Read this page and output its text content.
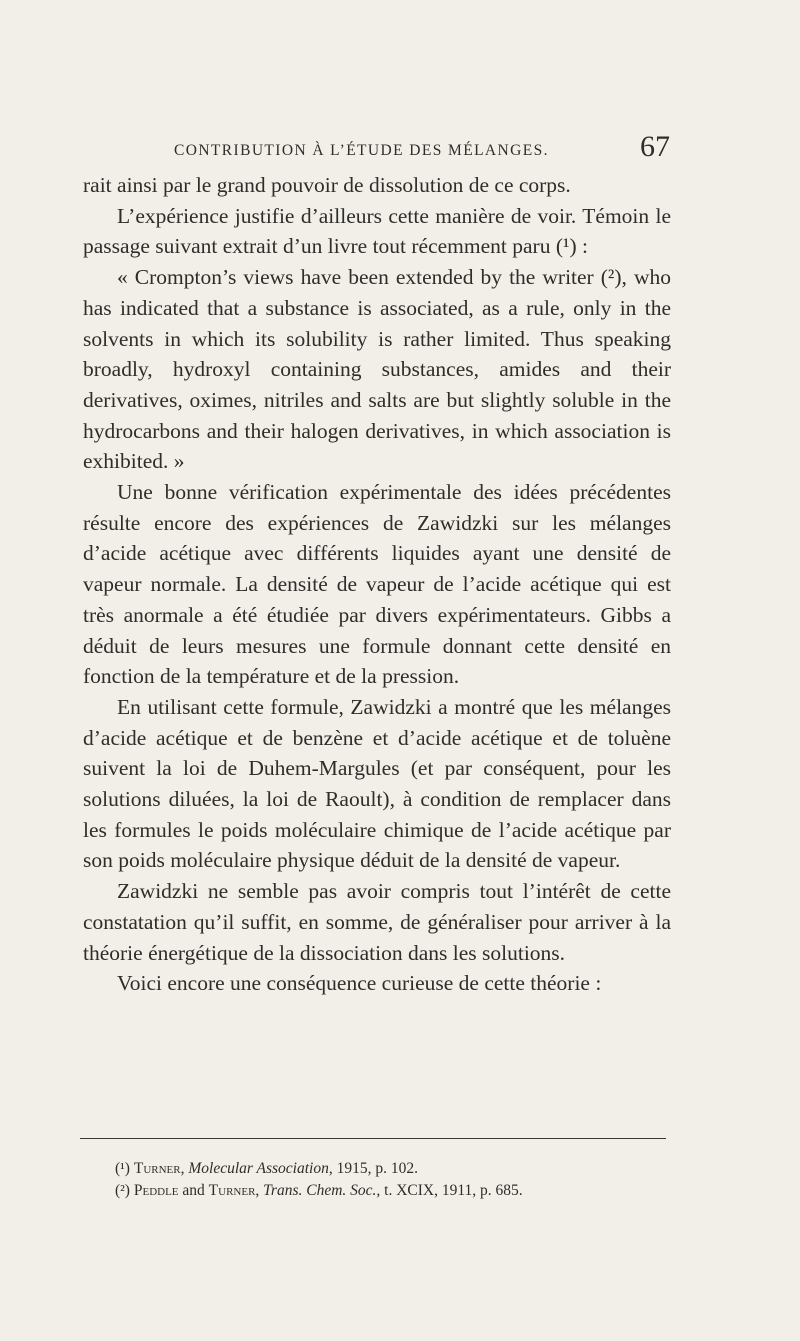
CONTRIBUTION À L’ÉTUDE DES MÉLANGES.	67

rait ainsi par le grand pouvoir de dissolution de ce corps.

L’expérience justifie d’ailleurs cette manière de voir. Témoin le passage suivant extrait d’un livre tout récemment paru (¹) :

« Crompton’s views have been extended by the writer (²), who has indicated that a substance is associated, as a rule, only in the solvents in which its solubility is rather limited. Thus speaking broadly, hydroxyl containing substances, amides and their derivatives, oximes, nitriles and salts are but slightly soluble in the hydrocarbons and their halogen derivatives, in which association is exhibited. »

Une bonne vérification expérimentale des idées précédentes résulte encore des expériences de Zawidzki sur les mélanges d’acide acétique avec différents liquides ayant une densité de vapeur normale. La densité de vapeur de l’acide acétique qui est très anormale a été étudiée par divers expérimentateurs. Gibbs a déduit de leurs mesures une formule donnant cette densité en fonction de la température et de la pression.

En utilisant cette formule, Zawidzki a montré que les mélanges d’acide acétique et de benzène et d’acide acétique et de toluène suivent la loi de Duhem-Margules (et par conséquent, pour les solutions diluées, la loi de Raoult), à condition de remplacer dans les formules le poids moléculaire chimique de l’acide acétique par son poids moléculaire physique déduit de la densité de vapeur.

Zawidzki ne semble pas avoir compris tout l’intérêt de cette constatation qu’il suffit, en somme, de généraliser pour arriver à la théorie énergétique de la dissociation dans les solutions.

Voici encore une conséquence curieuse de cette théorie :

(¹) Turner, Molecular Association, 1915, p. 102.
(²) Peddle and Turner, Trans. Chem. Soc., t. XCIX, 1911, p. 685.
